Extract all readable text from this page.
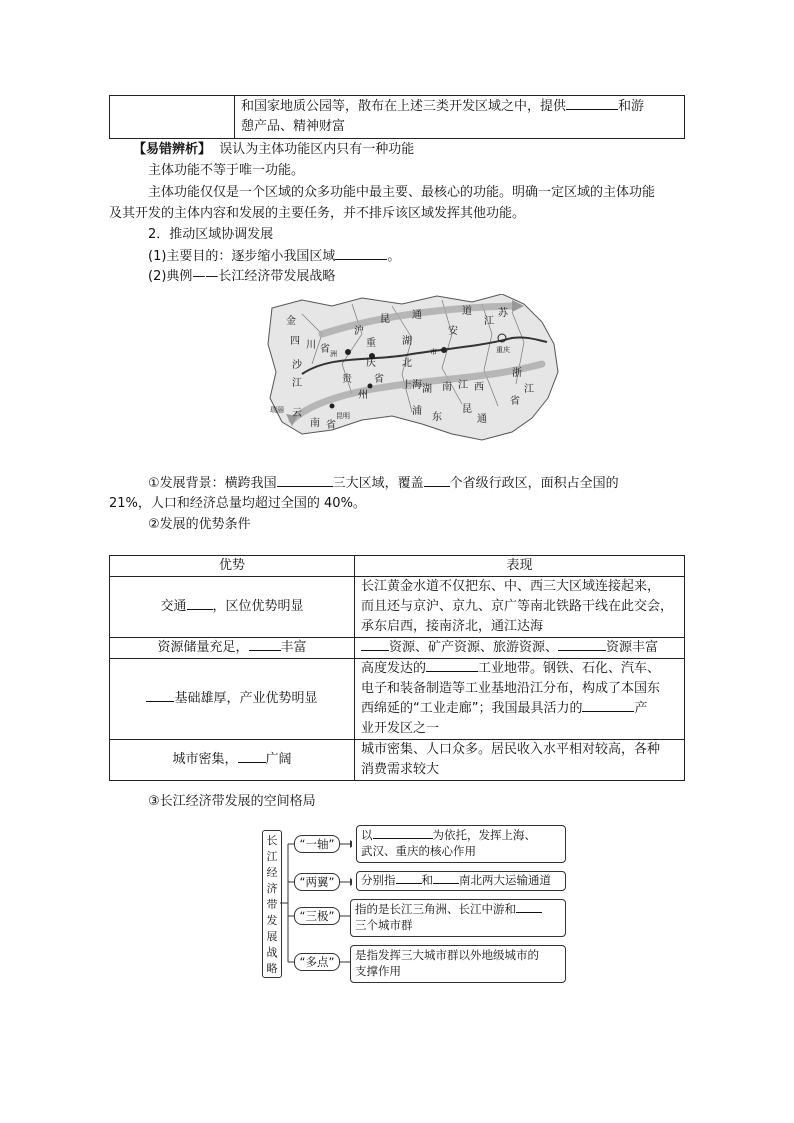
和国家地质公园等，散布在上述三类开发区域之中，提供	和游
憩产品、精神财富
【易错辨析】 误认为主体功能区内只有一种功能
主体功能不等于唯一功能。
主体功能仅仅是一个区域的众多功能中最主要、最核心的功能。明确一定区域的主体功能
及其开发的主体内容和发展的主要任务，并不排斥该区域发挥其他功能。
2．推动区域协调发展
(1)主要目的：逐步缩小我国区域	。
(2)典例——长江经济带发展战略
金
四 川 省
沙
江
沪
昆 通	道
重
庆
湖
北
安
江
苏
洲	市	重庆
贵
州
省
上海 湖 南 江 西
浙
江
省
云
南 省
浦
东
昆
通
瑞丽
昆明
①发展背景：横跨我国	三大区域，覆盖 个省级行政区，面积占全国的
21%，人口和经济总量均超过全国的 40%。
②发展的优势条件
优势	表现
交通 ，区位优势明显	长江黄金水道不仅把东、中、西三大区域连接起来，
而且还与京沪、京九、京广等南北铁路干线在此交会，
承东启西，接南济北，通江达海

资源储量充足， 丰富	资源、矿产资源、旅游资源、 资源丰富
基础雄厚，产业优势明显	高度发达的 工业地带。钢铁、石化、汽车、
电子和装备制造等工业基地沿江分布，构成了本国东
西绵延的“工业走廊”；我国最具活力的 产
业开发区之一

城市密集， 广阔	城市密集、人口众多。居民收入水平相对较高，各种
消费需求较大
③长江经济带发展的空间格局
长
江
经
济
带
发
展
战
略
“一轴”
“两翼”
“三极”
“多点”
以	为依托，发挥上海、
武汉、重庆的核心作用
分别指 和 南北两大运输通道
指的是长江三角洲、长江中游和
三个城市群
是指发挥三大城市群以外地级城市的
支撑作用
